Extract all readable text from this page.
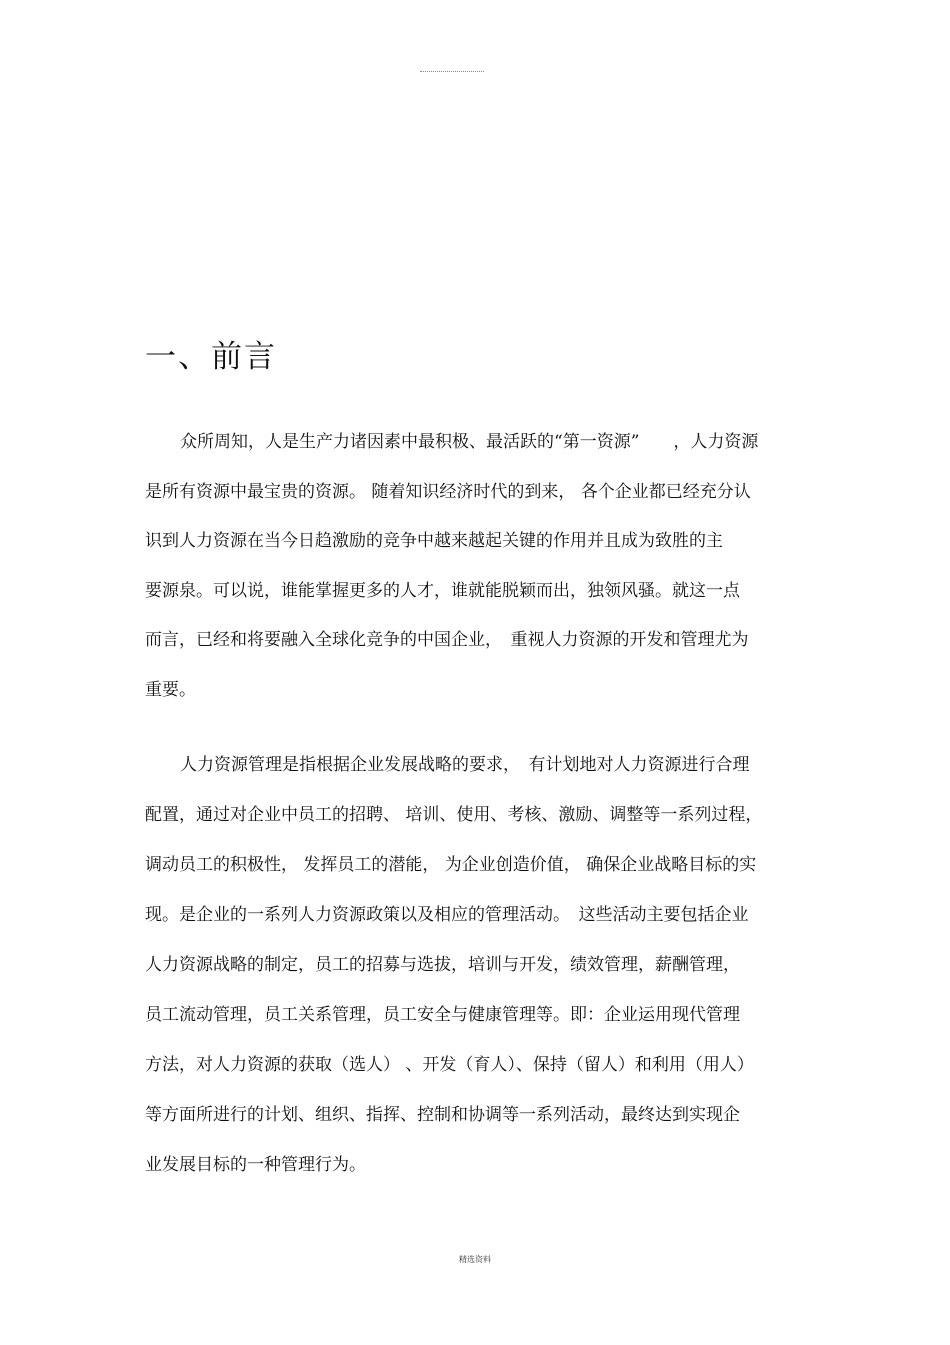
一、前言

众所周知，人是生产力诸因素中最积极、最活跃的“第一资源”　　，人力资源

是所有资源中最宝贵的资源。 随着知识经济时代的到来， 各个企业都已经充分认

识到人力资源在当今日趋激励的竞争中越来越起关键的作用并且成为致胜的主

要源泉。可以说，谁能掌握更多的人才，谁就能脱颖而出，独领风骚。就这一点

而言，已经和将要融入全球化竞争的中国企业，　重视人力资源的开发和管理尤为

重要。

人力资源管理是指根据企业发展战略的要求，　有计划地对人力资源进行合理

配置，通过对企业中员工的招聘、 培训、使用、考核、激励、调整等一系列过程，

调动员工的积极性， 发挥员工的潜能， 为企业创造价值， 确保企业战略目标的实

现。是企业的一系列人力资源政策以及相应的管理活动。　这些活动主要包括企业

人力资源战略的制定，员工的招募与选拔，培训与开发，绩效管理，薪酬管理，

员工流动管理，员工关系管理，员工安全与健康管理等。即：企业运用现代管理

方法，对人力资源的获取（选人） 、开发（育人）、保持（留人）和利用（用人）

等方面所进行的计划、组织、指挥、控制和协调等一系列活动，最终达到实现企

业发展目标的一种管理行为。

精选资料
